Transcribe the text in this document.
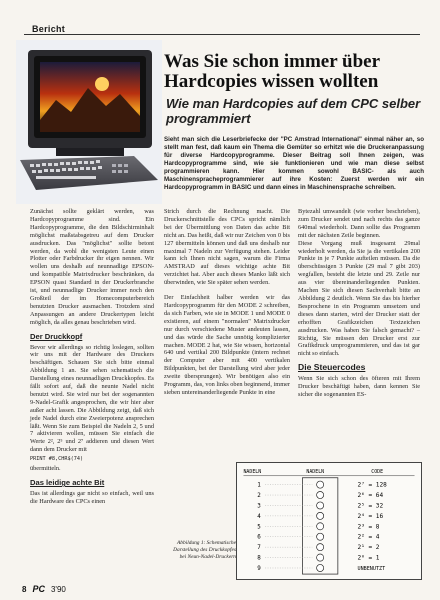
Bericht
Was Sie schon immer über Hardcopies wissen wollten
Wie man Hardcopies auf dem CPC selber programmiert
Sieht man sich die Leserbriefecke der "PC Amstrad International" einmal näher an, so stellt man fest, daß kaum ein Thema die Gemüter so erhitzt wie die Druckeranpassung für diverse Hardcopyprogramme. Dieser Beitrag soll Ihnen zeigen, was Hardcopyprogramme sind, wie sie funktionieren und wie man diese selbst programmieren kann. Hier kommen sowohl BASIC- als auch Maschinenspracheprogrammierer auf ihre Kosten: Zuerst werden wir ein Hardcopyprogramm in BASIC und dann eines in Maschinensprache schreiben.

Zunächst sollte geklärt werden, was Hardcopyprogramme sind. Ein Hardcopyprogramme, die den Bildschirminhalt möglichst maßstabsgetreu auf dem Drucker ausdrucken. Das "möglichst" sollte betont werden, da wohl die wenigsten Leute einen Plotter oder Farbdrucker ihr eigen nennen. Wir wollen uns deshalb auf neunnadlige EPSON- und kompatible Matrixdrucker beschränken, da EPSON quasi Standard in der Druckerbranche ist, und neunnadlige Drucker immer noch den Großteil der im Homecomputerbereich benutzten Drucker ausmachen. Trotzdem sind Anpassungen an andere Druckertypen leicht möglich, da alles genau beschrieben wird.

Der Druckkopf

Bevor wir allerdings so richtig loslegen, sollten wir uns mit der Hardware des Druckers beschäftigen. Schauen Sie sich bitte einmal Abbildung 1 an. Sie sehen schematisch die Darstellung eines neunnadligen Druckkopfes. Es fällt sofort auf, daß die neunte Nadel nicht benutzt wird. Sie wird nur bei der sogenannten 9-Nadel-Grafik angesprochen, die wir hier aber außer acht lassen. Die Abbildung zeigt, daß sich jede Nadel durch eine Zweierpotenz ansprechen läßt. Wenn Sie zum Beispiel die Nadeln 2, 5 und 7 aktivieren wollen, müssen Sie einfach die Werte 2², 2⁵ und 2⁷ addieren und diesen Wert dann dem Drucker mit

PRINT #8,CHR$(74)

übermitteln.

Das leidige achte Bit

Das ist allerdings gar nicht so einfach, weil uns die Hardware des CPCs einen

Strich durch die Rechnung macht. Die Druckerschnittstelle des CPCs spricht nämlich bei der Übermittlung von Daten das achte Bit nicht an. Das heißt, daß wir nur Zeichen von 0 bis 127 übermitteln können und daß uns deshalb nur maximal 7 Nadeln zur Verfügung stehen. Leider kann ich Ihnen nicht sagen, warum die Firma AMSTRAD auf dieses wichtige achte Bit verzichtet hat. Aber auch dieses Manko läßt sich überwinden, wie Sie später sehen werden.

Der Einfachheit halber werden wir das Hardcopyprogramm für den MODE 2 schreiben, da sich Farben, wie sie in MODE 1 und MODE 0 existieren, auf einem "normalen" Matrixdrucker nur durch verschiedene Muster andeuten lassen, und das würde die Sache unnötig komplizierter machen. MODE 2 hat, wie Sie wissen, horizontal 640 und vertikal 200 Bildpunkte (intern rechnet der Computer aber mit 400 vertikalen Bildpunkten, bei der Darstellung wird aber jeder zweite übersprungen). Wir benötigen also ein Programm, das, von links oben beginnend, immer sieben untereinanderliegende Punkte in eine

Bytezahl umwandelt (wie vorher beschrieben), zum Drucker sendet und nach rechts das ganze 640mal wiederholt. Dann sollte das Programm mit der nächsten Zeile beginnen.

Diese Vorgang muß insgesamt 29mal wiederholt werden, da Sie ja die vertikalen 200 Punkte in je 7 Punkte aufteilen müssen. Da die überschüssigen 3 Punkte (29 mal 7 gibt 203) wegfallen, besteht die letzte und 29. Zeile nur aus vier übereinanderliegenden Punkten. Machen Sie sich diesen Sachverhalt bitte an Abbildung 2 deutlich. Wenn Sie das bis hierher Besprochene in ein Programm umsetzen und dieses dann starten, wird der Drucker statt der erhofften Grafikzeichen Textzeichen ausdrucken. Was haben Sie falsch gemacht? – Richtig, Sie müssen den Drucker erst zur Grafikdruck umprogrammieren, und das ist gar nicht so einfach.

Die Steuercodes

Wenn Sie sich schon des öfteren mit Ihrem Drucker beschäftigt haben, dann kennen Sie sicher die sogenannten ES-

NADELN	NADELN	CODE
1	2⁷ = 128
2	2⁶ = 64
3	2⁵ = 32
4	2⁴ = 16
5	2³ = 8
6	2² = 4
7	2¹ = 2
8	2⁰ = 1
9	UNBENUTZT
Abbildung 1: Schematische Darstellung des Druckkopfes bei Neun-Nadel-Druckern
8 PC 3'90
